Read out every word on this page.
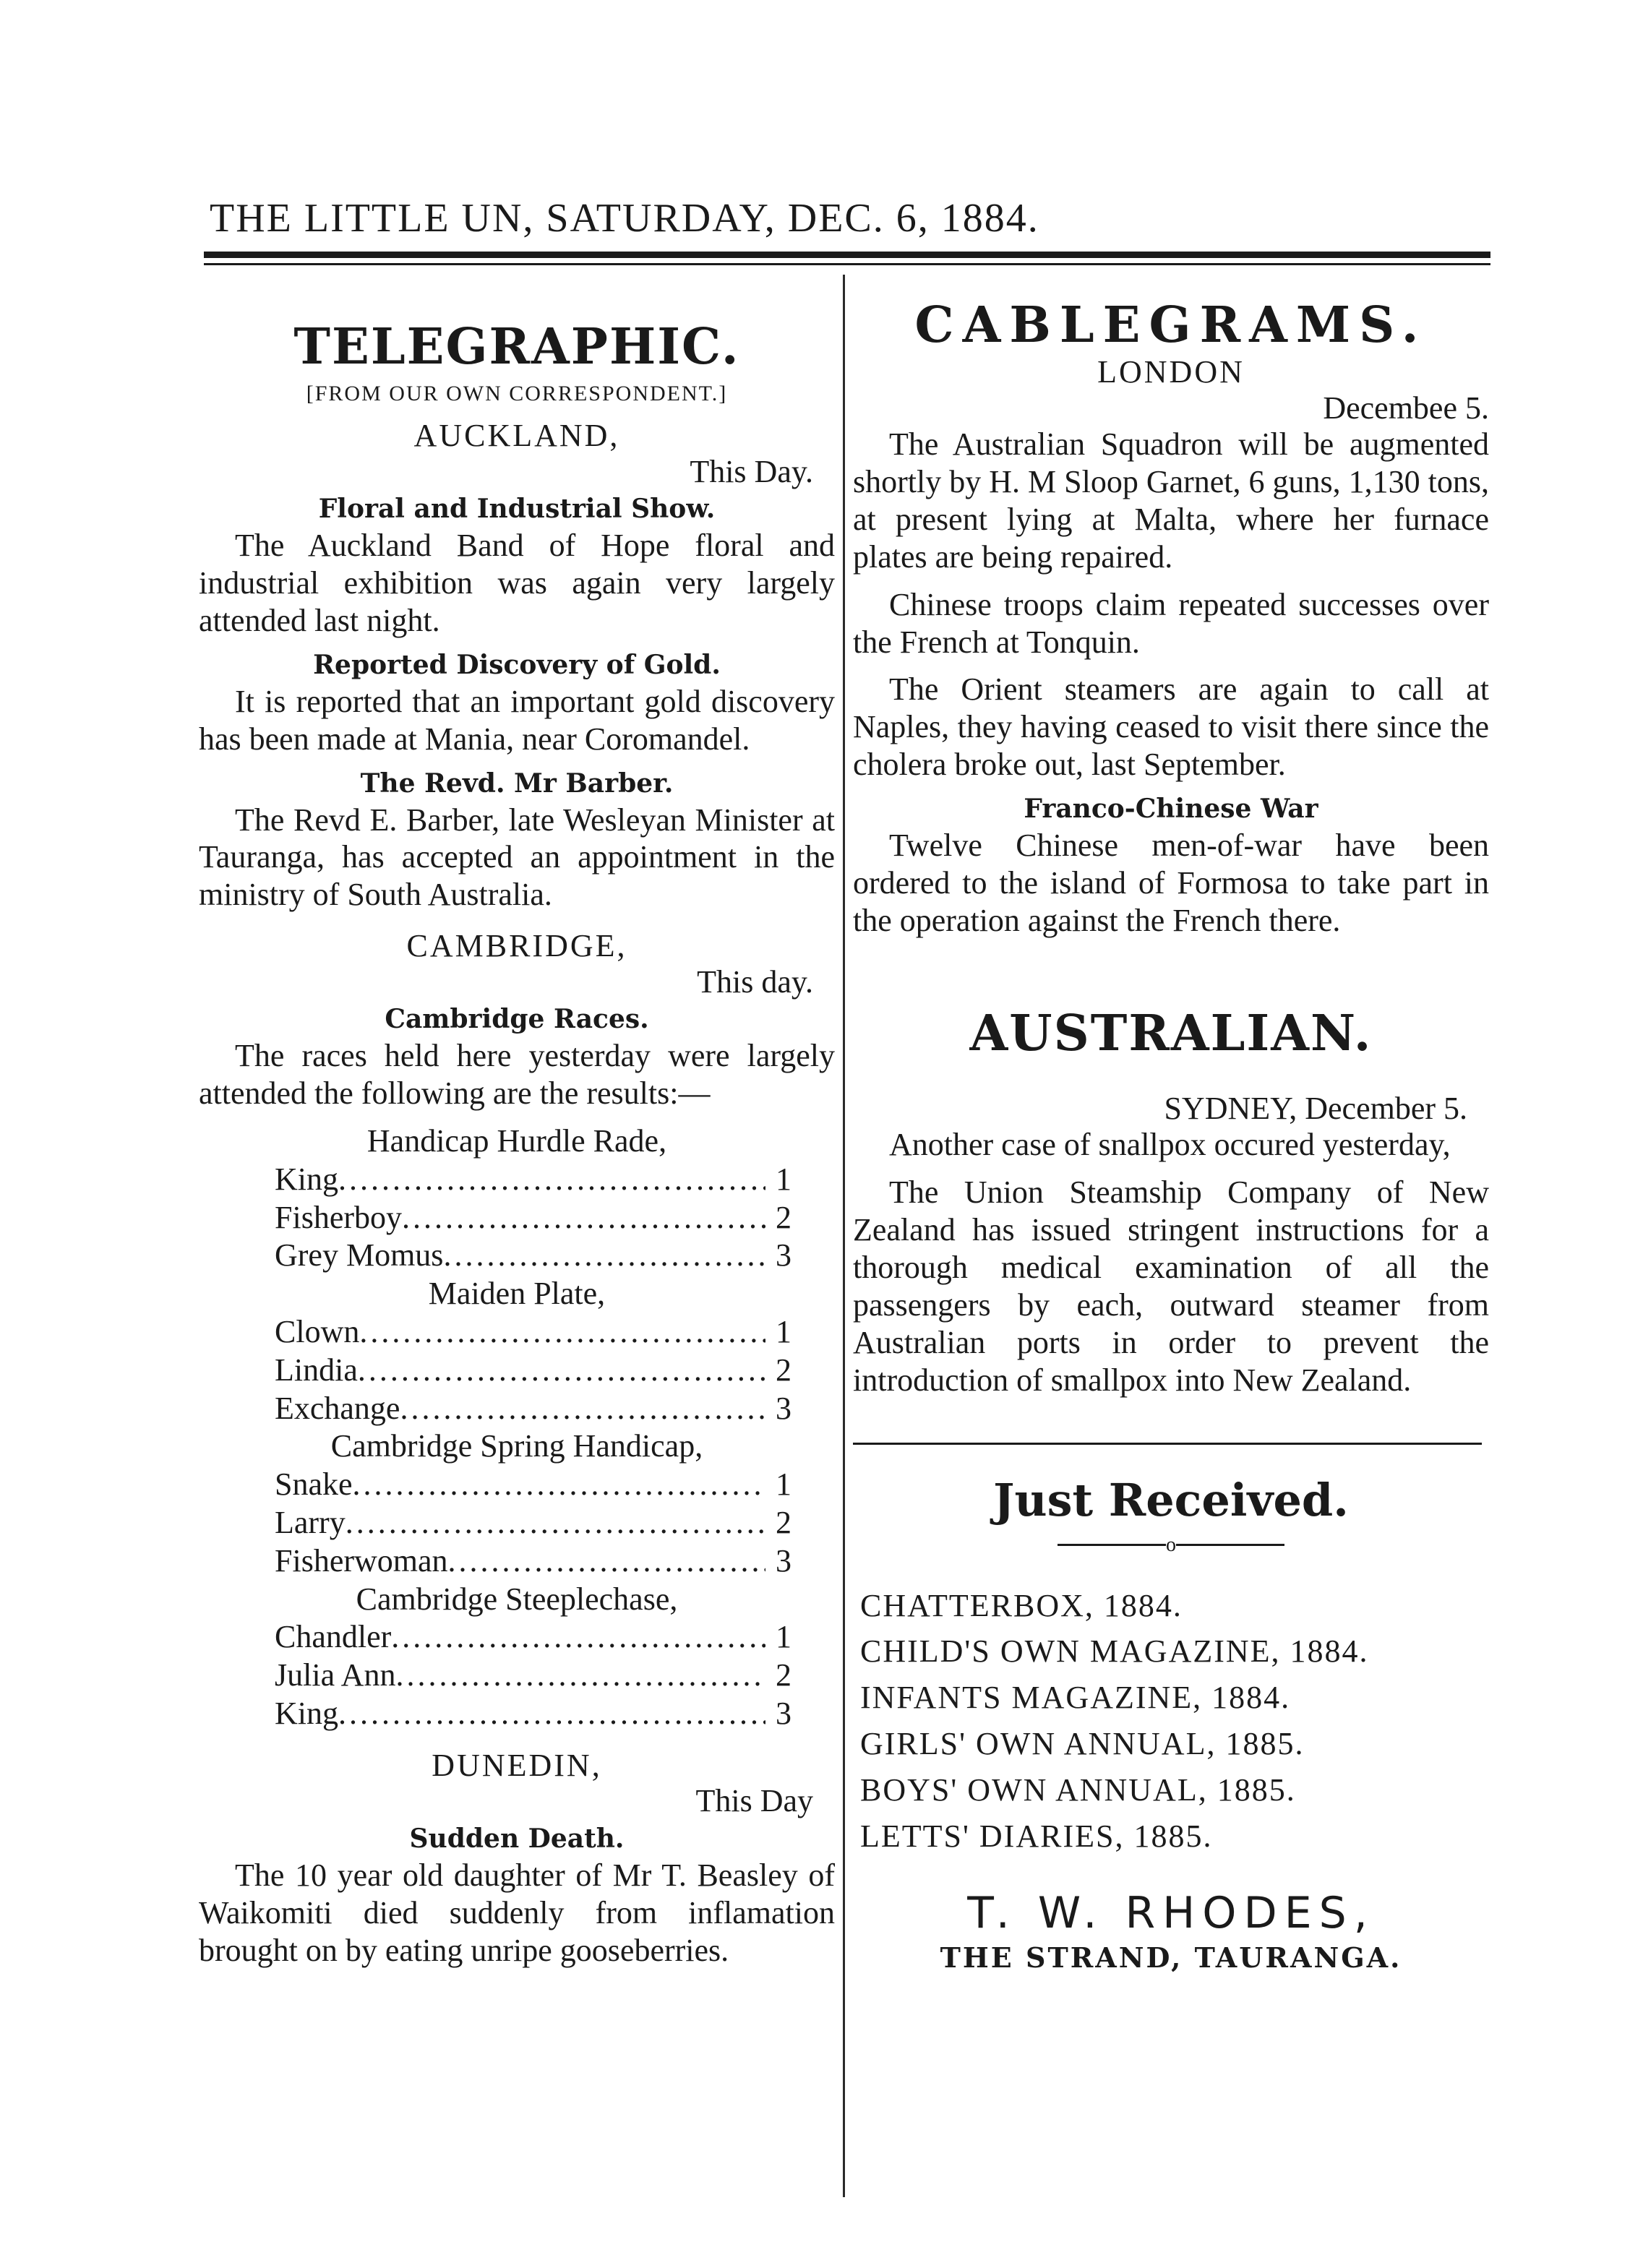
THE LITTLE UN, SATURDAY, DEC. 6, 1884.
TELEGRAPHIC.
[FROM OUR OWN CORRESPONDENT.]
AUCKLAND,
This Day.
Floral and Industrial Show.

The Auckland Band of Hope floral and industrial exhibition was again very largely attended last night.

Reported Discovery of Gold.

It is reported that an important gold discovery has been made at Mania, near Coromandel.

The Revd. Mr Barber.

The Revd E. Barber, late Wesleyan Minister at Tauranga, has accepted an appointment in the ministry of South Australia.

CAMBRIDGE,
This day.
Cambridge Races.

The races held here yesterday were largely attended the following are the results:—

Handicap Hurdle Rade,
King .....	1
Fisherboy .....	2
Grey Momus .....	3
Maiden Plate,
Clown .....	1
Lindia .....	2
Exchange .....	3
Cambridge Spring Handicap,
Snake .....	1
Larry .....	2
Fisherwoman .....	3
Cambridge Steeplechase,
Chandler .....	1
Julia Ann .....	2
King .....	3
DUNEDIN,
This Day
Sudden Death.

The 10 year old daughter of Mr T. Beasley of Waikomiti died suddenly from inflamation brought on by eating unripe gooseberries.

CABLEGRAMS.
LONDON
Decembee 5.

The Australian Squadron will be augmented shortly by H. M Sloop Garnet, 6 guns, 1,130 tons, at present lying at Malta, where her furnace plates are being repaired.

Chinese troops claim repeated successes over the French at Tonquin.

The Orient steamers are again to call at Naples, they having ceased to visit there since the cholera broke out, last September.

Franco-Chinese War

Twelve Chinese men-of-war have been ordered to the island of Formosa to take part in the operation against the French there.

AUSTRALIAN.
SYDNEY, December 5.

Another case of snallpox occured yesterday,

The Union Steamship Company of New Zealand has issued stringent instructions for a thorough medical examination of all the passengers by each, outward steamer from Australian ports in order to prevent the introduction of smallpox into New Zealand.

Just Received.
o
CHATTERBOX, 1884.
CHILD'S OWN MAGAZINE, 1884.
INFANTS MAGAZINE, 1884.
GIRLS' OWN ANNUAL, 1885.
BOYS' OWN ANNUAL, 1885.
LETTS' DIARIES, 1885.
T. W. RHODES,
THE STRAND, TAURANGA.
